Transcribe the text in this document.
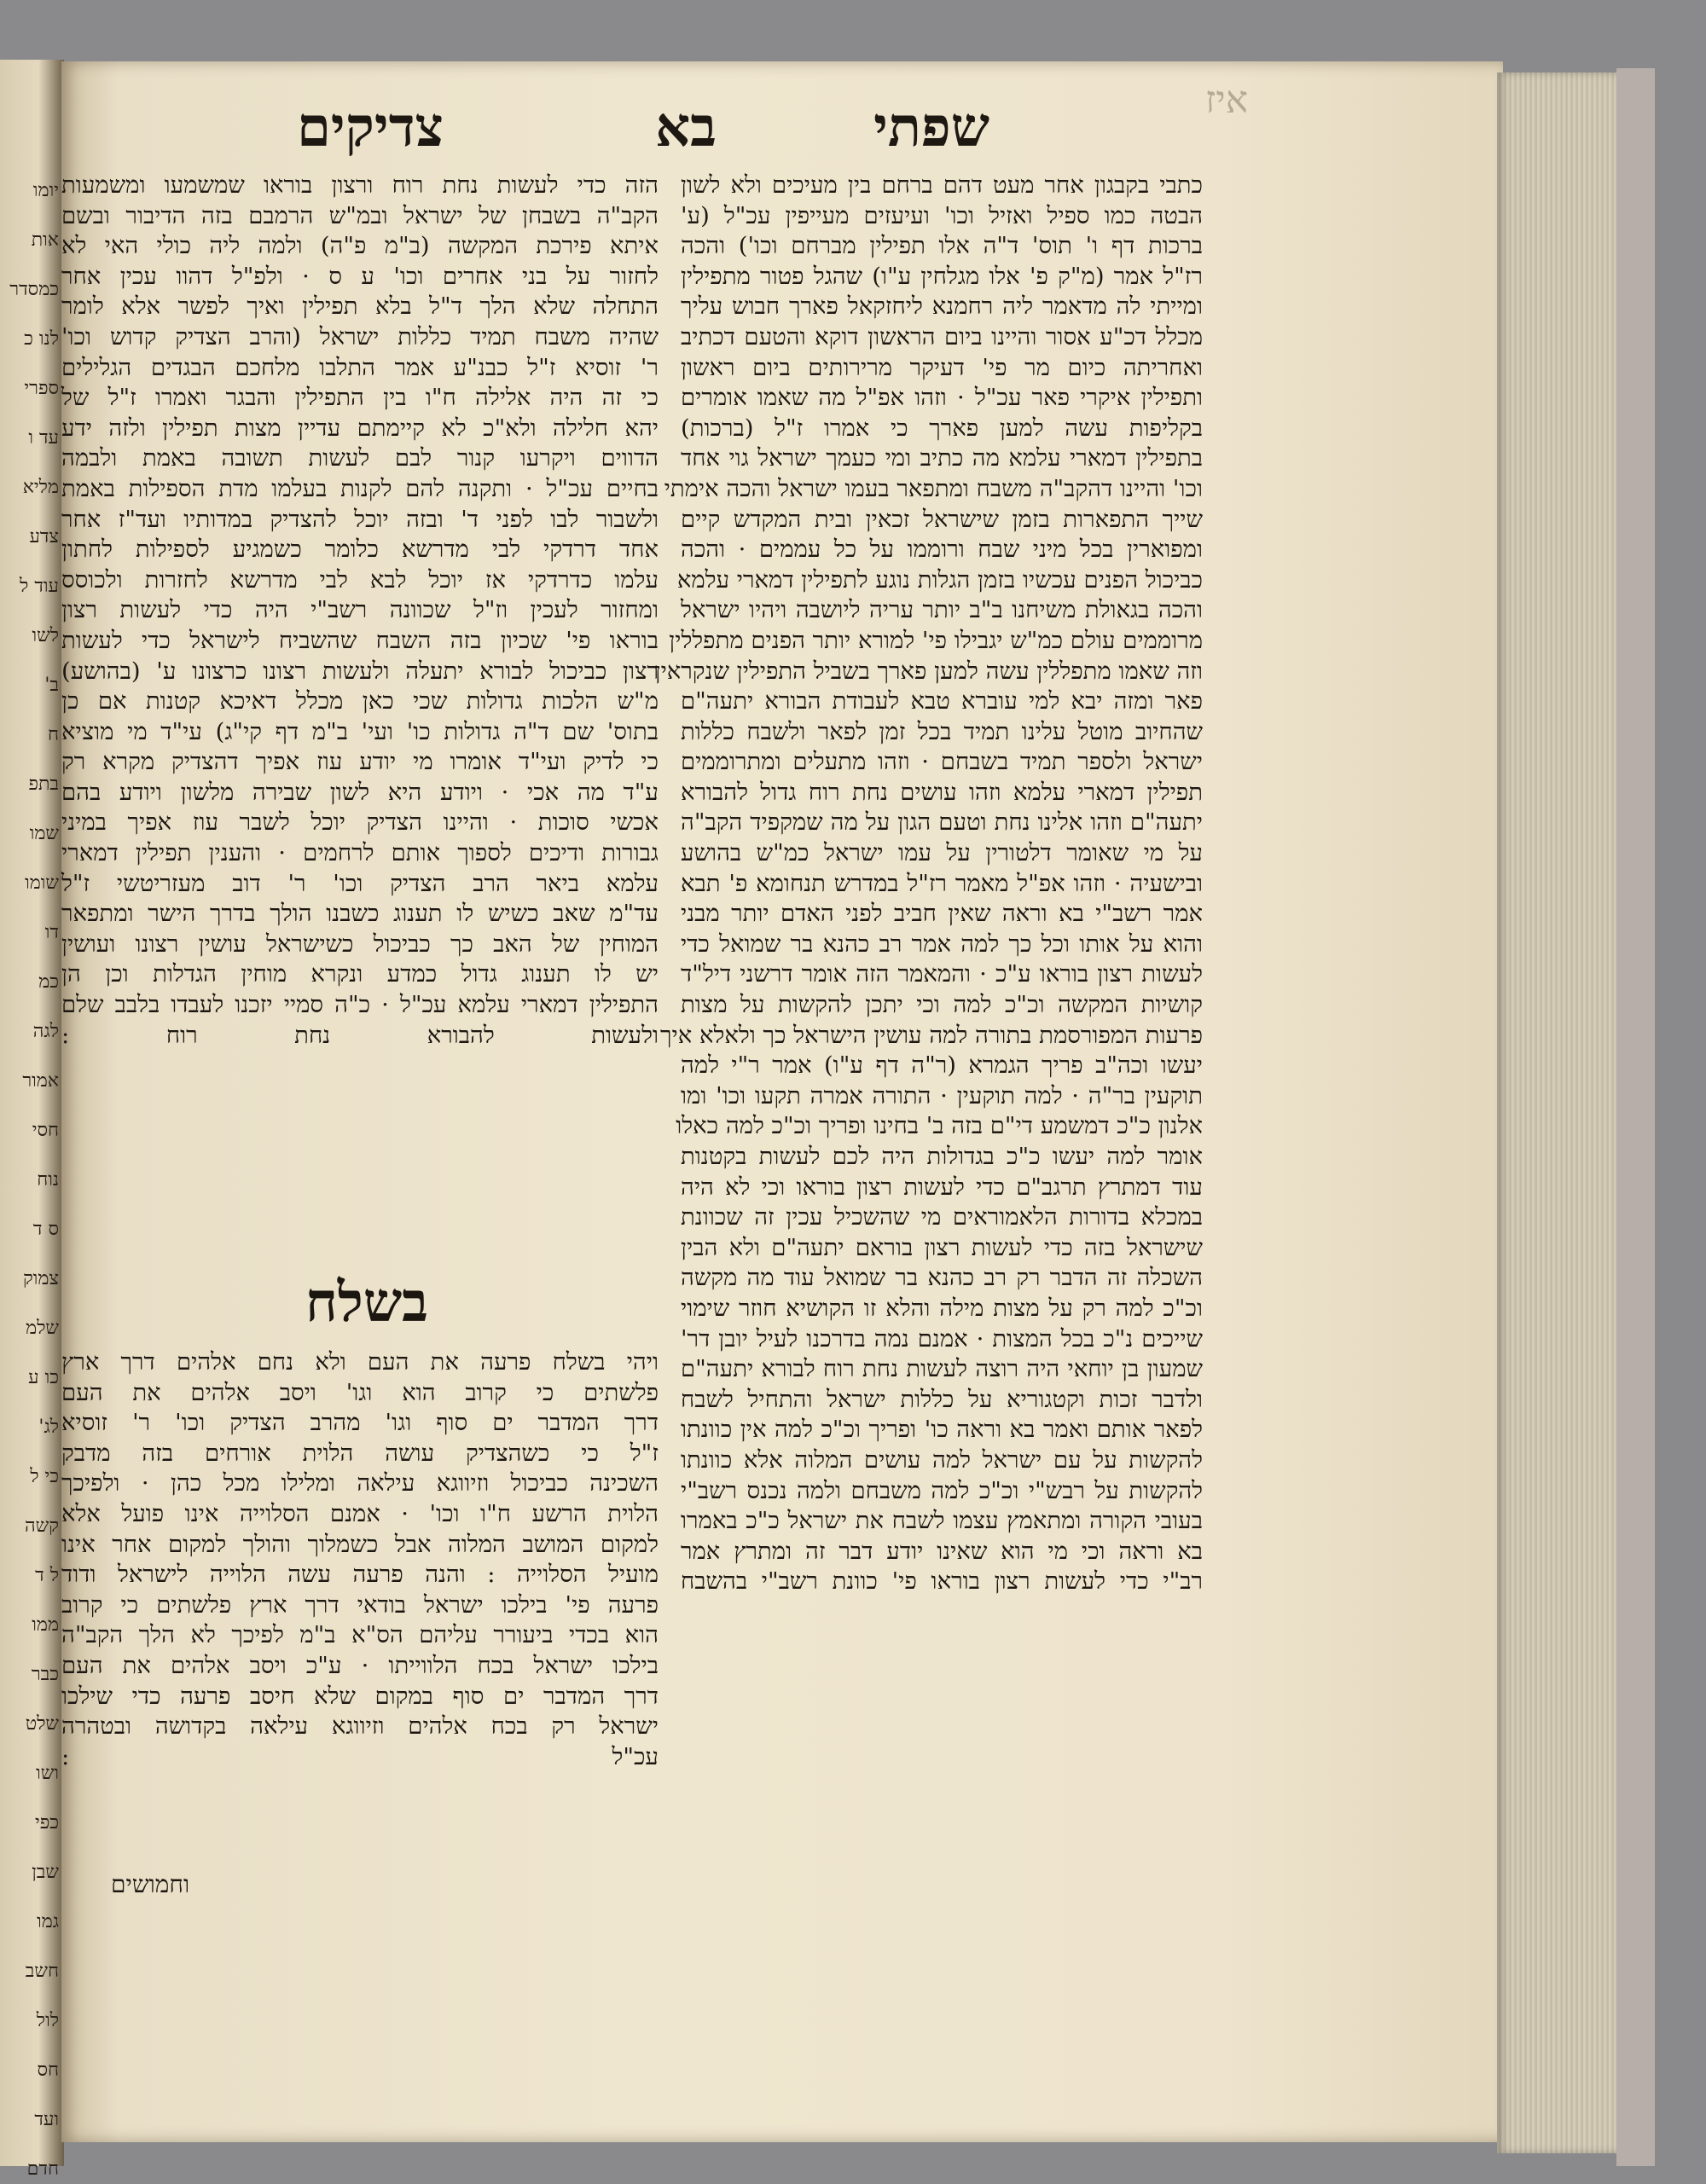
יומו
אות
כמסדר
לנו כ
ספרי
עד ו
מליא
צדע
עוד ל
לשו
ב'
ח
בתפ
שמו
שומו
דו
כמ
לגה
אמור
חסי
נוח
ס ד
צמוק
שלמ
כו ע
לג'
כי ל
קשה
ל ד
ממו
כבר
שלט
ושו
כפי
שבן
גמו
חשב
לול
חס
ועד
חדם
איז
שפתי
בא
צדיקים
כתבי בקבגון אחר מעט דהם ברחם בין מעיכים ולא לשון
הבטה כמו ספיל ואזיל וכו' ועיעזים מעייפין עכ"ל (ע'
ברכות דף ו' תוס' ד"ה אלו תפילין מברחם וכו') והכה
רז"ל אמר (מ"ק פ' אלו מגלחין ע"ו) שהגל פטור מתפילין
ומייתי לה מדאמר ליה רחמנא ליחזקאל פארך חבוש עליך
מכלל דכ"ע אסור והיינו ביום הראשון דוקא והטעם דכתיב
ואחריתה כיום מר פי' דעיקר מרירותים ביום ראשון
ותפילין איקרי פאר עכ"ל · וזהו אפ"ל מה שאמו אומרים
בקליפות עשה למען פארך כי אמרו ז"ל (ברכות)
בתפילין דמארי עלמא מה כתיב ומי כעמך ישראל גוי אחד
וכו' והיינו דהקב"ה משבח ומתפאר בעמו ישראל והכה אימתי
שייך התפארות בזמן שישראל זכאין ובית המקדש קיים
ומפוארין בכל מיני שבח ורוממו על כל עממים · והכה
כביכול הפנים עכשיו בזמן הגלות נוגע לתפילין דמארי עלמא
והכה בגאולת משיחנו ב"ב יותר עריה ליושבה ויהיו ישראל
מרוממים עולם כמ"ש יגבילו פי' למורא יותר הפנים מתפללין
וזה שאמו מתפללין עשה למען פארך בשביל התפילין שנקראין
פאר ומזה יבא למי עוברא טבא לעבודת הבורא יתעה"ם
שהחיוב מוטל עלינו תמיד בכל זמן לפאר ולשבח כללות
ישראל ולספר תמיד בשבחם · וזהו מתעלים ומתרוממים
תפילין דמארי עלמא וזהו עושים נחת רוח גדול להבורא
יתעה"ם וזהו אלינו נחת וטעם הגון על מה שמקפיד הקב"ה
על מי שאומר דלטורין על עמו ישראל כמ"ש בהושע
ובישעיה · וזהו אפ"ל מאמר רז"ל במדרש תנחומא פ' תבא
אמר רשב"י בא וראה שאין חביב לפני האדם יותר מבני
והוא על אותו וכל כך למה אמר רב כהנא בר שמואל כדי
לעשות רצון בוראו ע"כ · והמאמר הזה אומר דרשני דיל"ד
קושיות המקשה וכ"כ למה וכי יתכן להקשות על מצות
פרעות המפורסמת בתורה למה עושין הישראל כך ולאלא איך
יעשו וכה"ב פריך הגמרא (ר"ה דף ע"ו) אמר ר"י למה
תוקעין בר"ה · למה תוקעין · התורה אמרה תקעו וכו' ומו
אלנון כ"כ דמשמע די"ם בזה ב' בחינו ופריך וכ"כ למה כאלו
אומר למה יעשו כ"כ בגדולות היה לכם לעשות בקטנות
עוד דמתרץ תרגב"ם כדי לעשות רצון בוראו וכי לא היה
במכלא בדורות הלאמוראים מי שהשכיל עכין זה שכוונת
שישראל בזה כדי לעשות רצון בוראם יתעה"ם ולא הבין
השכלה זה הדבר רק רב כהנא בר שמואל עוד מה מקשה
וכ"כ למה רק על מצות מילה והלא זו הקושיא חוזר שימוי
שייכים נ"כ בכל המצות · אמנם נמה בדרכנו לעיל יובן דר'
שמעון בן יוחאי היה רוצה לעשות נחת רוח לבורא יתעה"ם
ולדבר זכות וקטגוריא על כללות ישראל והתחיל לשבח
לפאר אותם ואמר בא וראה כו' ופריך וכ"כ למה אין כוונתו
להקשות על עם ישראל למה עושים המלוה אלא כוונתו
להקשות על רבש"י וכ"כ למה משבחם ולמה נכנס רשב"י
בעובי הקורה ומתאמץ עצמו לשבח את ישראל כ"כ באמרו
בא וראה וכי מי הוא שאינו יודע דבר זה ומתרץ אמר
רב"י כדי לעשות רצון בוראו פי' כוונת רשב"י בהשבח
הזה כדי לעשות נחת רוח ורצון בוראו שמשמעו ומשמעות
הקב"ה בשבחן של ישראל ובמ"ש הרמבם בזה הדיבור ובשם
איתא פירכת המקשה (ב"מ פ"ה) ולמה ליה כולי האי לא
לחזור על בני אחרים וכו' ע ס · ולפ"ל דהוו עכין אחר
התחלה שלא הלך ד"ל בלא תפילין ואיך לפשר אלא לומר
שהיה משבח תמיד כללות ישראל (והרב הצדיק קדוש וכו'
ר' זוסיא ז"ל כבנ"ע אמר התלבו מלחכם הבגדים הגלילים
כי זה היה אלילה ח"ו בין התפילין והבגר ואמרו ז"ל של
יהא חלילה ולא"כ לא קיימתם עדיין מצות תפילין ולזה ידע
הדווים ויקרעו קנור לבם לעשות תשובה באמת ולבמה
בחיים עכ"ל · ותקנה להם לקנות בעלמו מדת הספילות באמת
ולשבור לבו לפני ד' ובזה יוכל להצדיק במדותיו ועד"ז אחר
אחד דרדקי לבי מדרשא כלומר כשמגיע לספילות לחתון
עלמו כדרדקי אז יוכל לבא לבי מדרשא לחזרות ולכוסס
ומחזור לעכין וז"ל שכוונה רשב"י היה כדי לעשות רצון
בוראו פי' שכיון בזה השבח שהשביח לישראל כדי לעשות
רצון כביכול לבורא יתעלה ולעשות רצונו כרצונו ע' (בהושע)
מ"ש הלכות גדולות שכי כאן מכלל דאיכא קטנות אם כן
בתוס' שם ד"ה גדולות כו' ועי' ב"מ דף קי"ג) עי"ד מי מוציא
כי לדיק ועי"ד אומרו מי יודע עוז אפיך דהצדיק מקרא רק
ע"ד מה אכי · ויודע היא לשון שבירה מלשון ויודע בהם
אכשי סוכות · והיינו הצדיק יוכל לשבר עוז אפיך במיני
גבורות ודיכים לספוך אותם לרחמים · והענין תפילין דמארי
עלמא ביאר הרב הצדיק וכו' ר' דוב מעזריטשי ז"ל
עד"מ שאב כשיש לו תענוג כשבנו הולך בדרך הישר ומתפאר
המוחין של האב כך כביכול כשישראל עושין רצונו ועושין
יש לו תענוג גדול כמדע ונקרא מוחין הגדלות וכן הן
התפילין דמארי עלמא עכ"ל · כ"ה סמיי יזכנו לעבדו בלבב שלם
ולעשות להבורא נחת רוח :
בשלח
ויהי בשלח פרעה את העם ולא נחם אלהים דרך ארץ
פלשתים כי קרוב הוא וגו' ויסב אלהים את העם
דרך המדבר ים סוף וגו' מהרב הצדיק וכו' ר' זוסיא
ז"ל כי כשהצדיק עושה הלוית אורחים בזה מדבק
השכינה כביכול וזיווגא עילאה ומלילו מכל כהן · ולפיכך
הלוית הרשע ח"ו וכו' · אמנם הסלוייה אינו פועל אלא
למקום המושב המלוה אבל כשמלוך והולך למקום אחר אינו
מועיל הסלוייה : והנה פרעה עשה הלוייה לישראל ודוד
פרעה פי' בילכו ישראל בודאי דרך ארץ פלשתים כי קרוב
הוא בכדי ביעורר עליהם הס"א ב"מ לפיכך לא הלך הקב"ה
בילכו ישראל בכח הלווייתו · ע"כ ויסב אלהים את העם
דרך המדבר ים סוף במקום שלא חיסב פרעה כדי שילכו
ישראל רק בכח אלהים וזיווגא עילאה בקדושה ובטהרה
עכ"ל :
וחמושים
